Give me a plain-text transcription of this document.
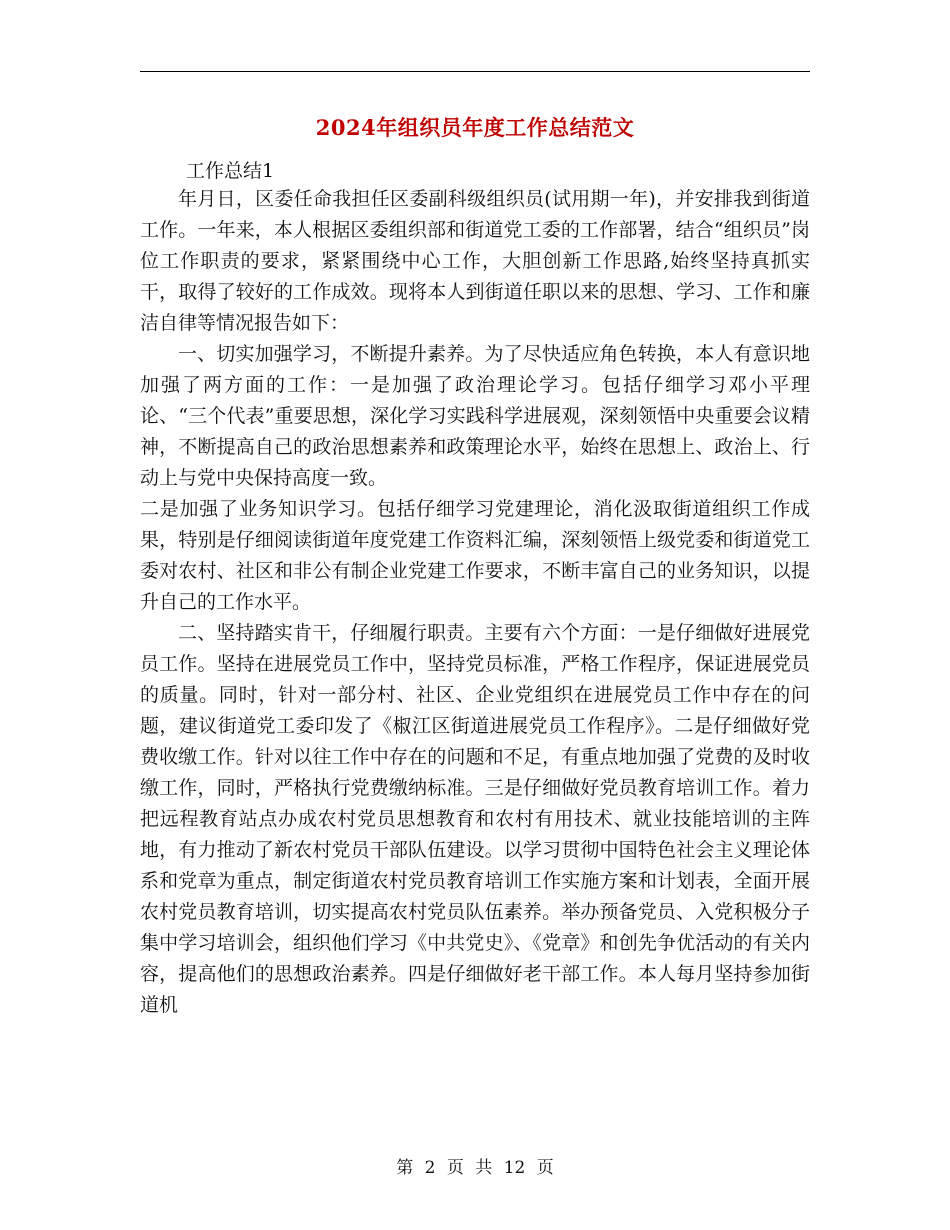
2024年组织员年度工作总结范文
工作总结1

年月日，区委任命我担任区委副科级组织员(试用期一年)，并安排我到街道工作。一年来，本人根据区委组织部和街道党工委的工作部署，结合“组织员”岗位工作职责的要求，紧紧围绕中心工作，大胆创新工作思路,始终坚持真抓实干，取得了较好的工作成效。现将本人到街道任职以来的思想、学习、工作和廉洁自律等情况报告如下：

一、切实加强学习，不断提升素养。为了尽快适应角色转换，本人有意识地加强了两方面的工作：一是加强了政治理论学习。包括仔细学习邓小平理论、“三个代表”重要思想，深化学习实践科学进展观，深刻领悟中央重要会议精神，不断提高自己的政治思想素养和政策理论水平，始终在思想上、政治上、行动上与党中央保持高度一致。

二是加强了业务知识学习。包括仔细学习党建理论，消化汲取街道组织工作成果，特别是仔细阅读街道年度党建工作资料汇编，深刻领悟上级党委和街道党工委对农村、社区和非公有制企业党建工作要求，不断丰富自己的业务知识，以提升自己的工作水平。

二、坚持踏实肯干，仔细履行职责。主要有六个方面：一是仔细做好进展党员工作。坚持在进展党员工作中，坚持党员标准，严格工作程序，保证进展党员的质量。同时，针对一部分村、社区、企业党组织在进展党员工作中存在的问题，建议街道党工委印发了《椒江区街道进展党员工作程序》。二是仔细做好党费收缴工作。针对以往工作中存在的问题和不足，有重点地加强了党费的及时收缴工作，同时，严格执行党费缴纳标准。三是仔细做好党员教育培训工作。着力把远程教育站点办成农村党员思想教育和农村有用技术、就业技能培训的主阵地，有力推动了新农村党员干部队伍建设。以学习贯彻中国特色社会主义理论体系和党章为重点，制定街道农村党员教育培训工作实施方案和计划表，全面开展农村党员教育培训，切实提高农村党员队伍素养。举办预备党员、入党积极分子集中学习培训会，组织他们学习《中共党史》、《党章》和创先争优活动的有关内容，提高他们的思想政治素养。四是仔细做好老干部工作。本人每月坚持参加街道机

第 2 页 共 12 页
